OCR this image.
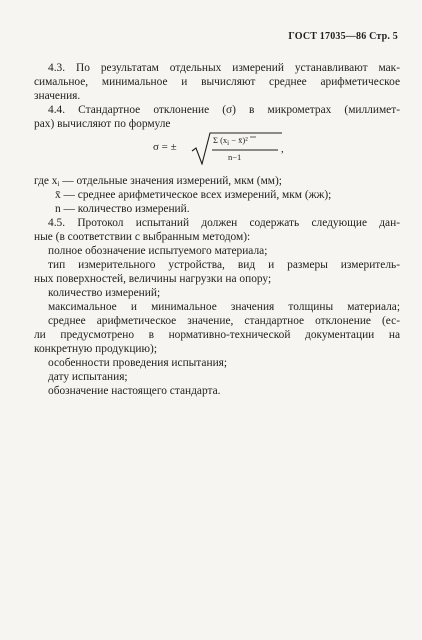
ГОСТ 17035—86 Стр. 5
4.3. По результатам отдельных измерений устанавливают мак-
симальное, минимальное и вычисляют среднее арифметическое
значения.
4.4. Стандартное отклонение (σ) в микрометрах (миллимет-
рах) вычисляют по формуле
σ = ±
Σ ($x_i$ − x̄)²
n−1
,
где $x_i$ — отдельные значения измерений, мкм (мм);
x̄ — среднее арифметическое всех измерений, мкм (жж);
n — количество измерений.
4.5. Протокол испытаний должен содержать следующие дан-
ные (в соответствии с выбранным методом):
полное обозначение испытуемого материала;
тип измерительного устройства, вид и размеры измеритель-
ных поверхностей, величины нагрузки на опору;
количество измерений;
максимальное и минимальное значения толщины материала;
среднее арифметическое значение, стандартное отклонение (ес-
ли предусмотрено в нормативно-технической документации на
конкретную продукцию);
особенности проведения испытания;
дату испытания;
обозначение настоящего стандарта.
